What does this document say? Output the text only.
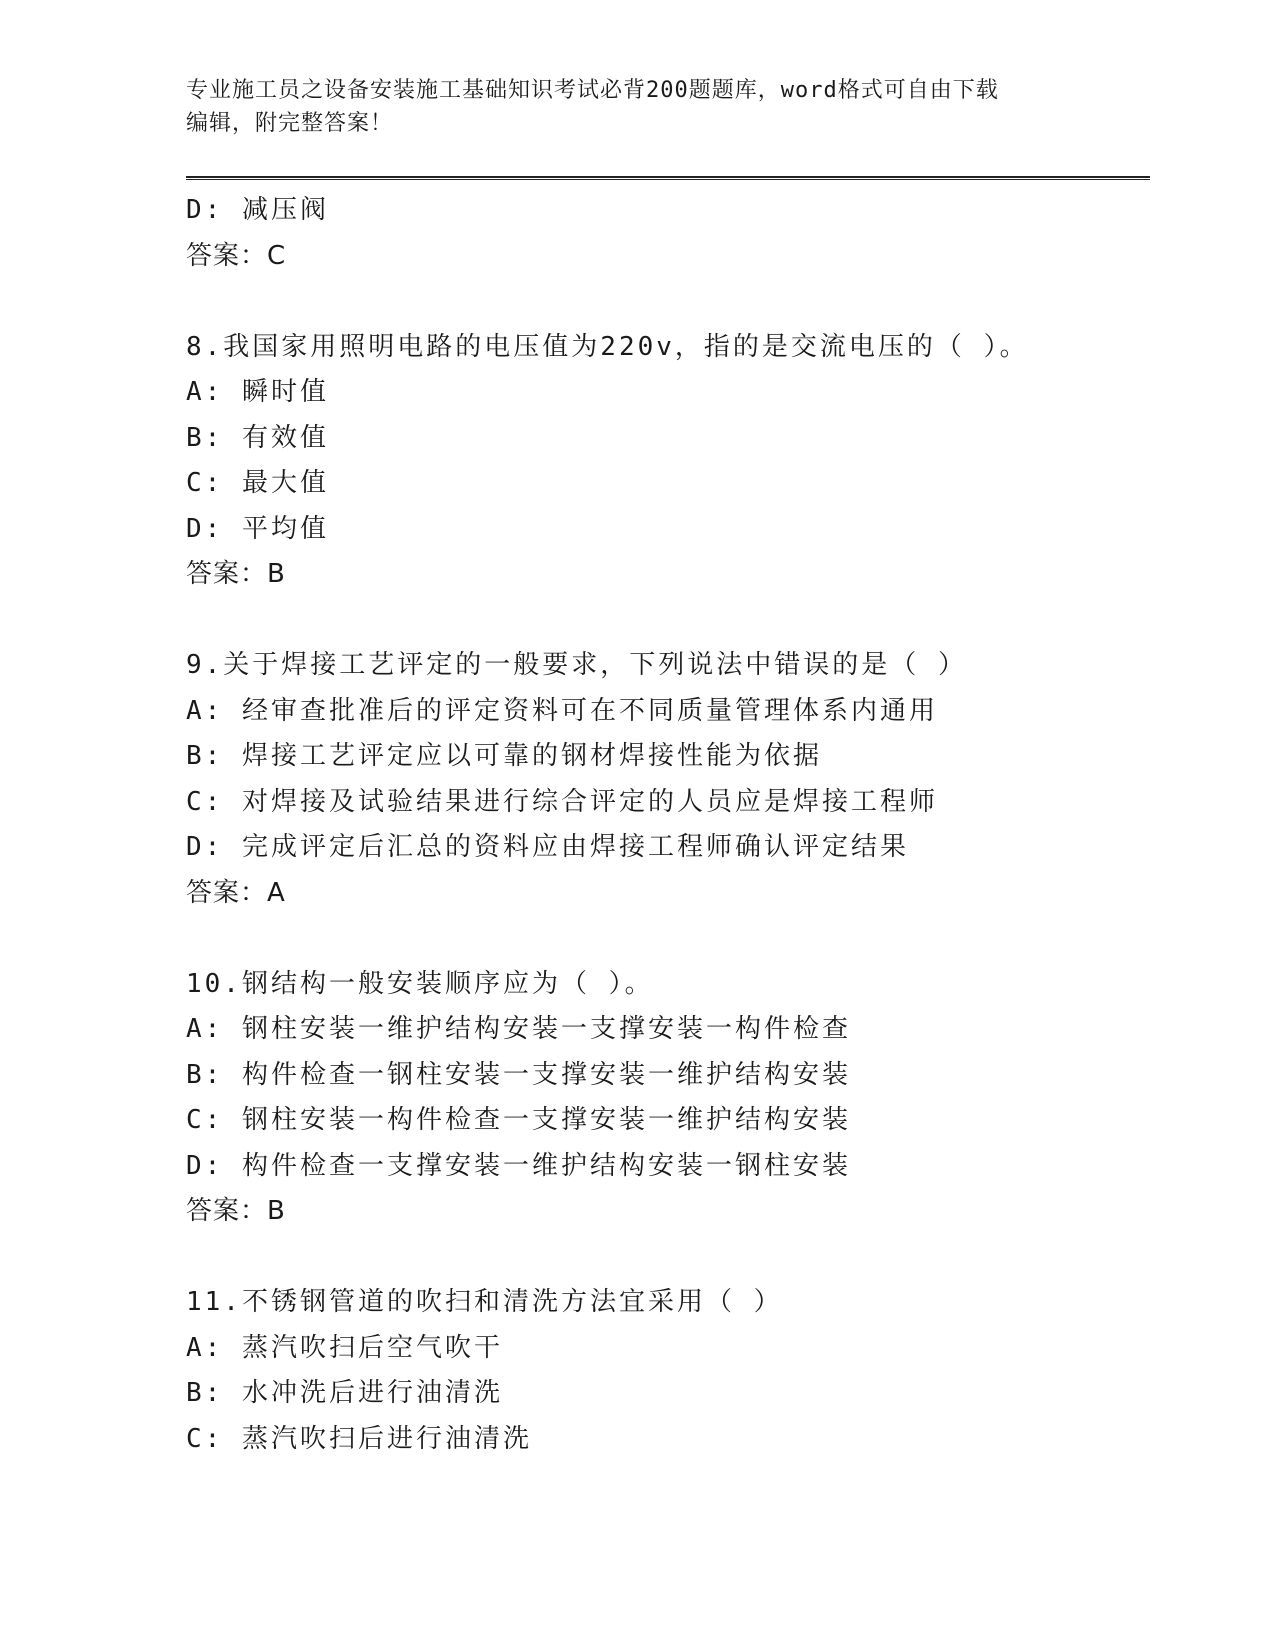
专业施工员之设备安装施工基础知识考试必背200题题库，word格式可自由下载
编辑，附完整答案！
D: 减压阀
答案：C
8.我国家用照明电路的电压值为220v，指的是交流电压的（ ）。
A: 瞬时值
B: 有效值
C: 最大值
D: 平均值
答案：B
9.关于焊接工艺评定的一般要求，下列说法中错误的是（ ）
A: 经审查批准后的评定资料可在不同质量管理体系内通用
B: 焊接工艺评定应以可靠的钢材焊接性能为依据
C: 对焊接及试验结果进行综合评定的人员应是焊接工程师
D: 完成评定后汇总的资料应由焊接工程师确认评定结果
答案：A
10.钢结构一般安装顺序应为（ ）。
A: 钢柱安装一维护结构安装一支撑安装一构件检查
B: 构件检查一钢柱安装一支撑安装一维护结构安装
C: 钢柱安装一构件检查一支撑安装一维护结构安装
D: 构件检查一支撑安装一维护结构安装一钢柱安装
答案：B
11.不锈钢管道的吹扫和清洗方法宜采用（ ）
A: 蒸汽吹扫后空气吹干
B: 水冲洗后进行油清洗
C: 蒸汽吹扫后进行油清洗
